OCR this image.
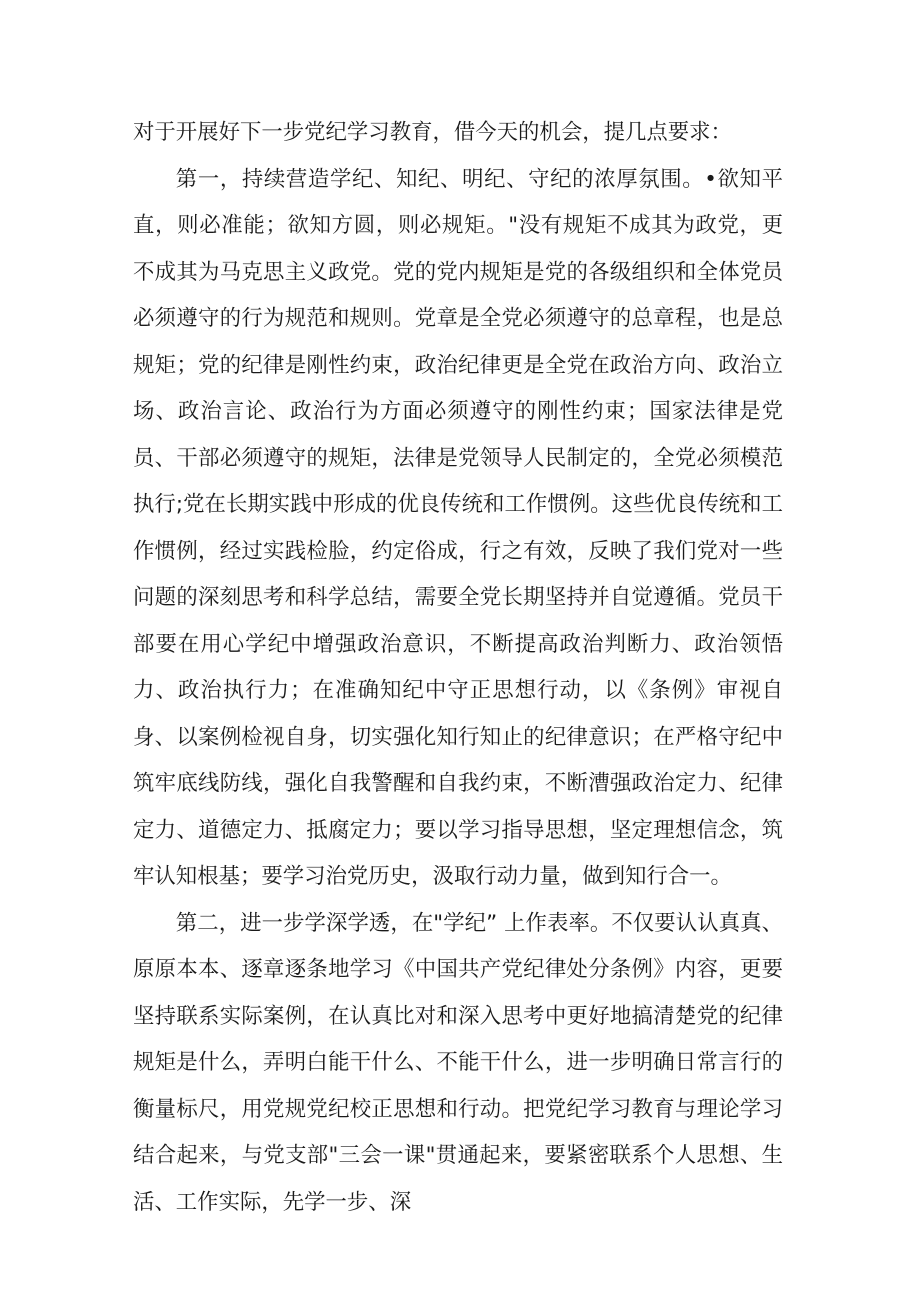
对于开展好下一步党纪学习教育，借今天的机会，提几点要求：

第一，持续营造学纪、知纪、明纪、守纪的浓厚氛围。•欲知平直，则必准能；欲知方圆，则必规矩。"没有规矩不成其为政党，更不成其为马克思主义政党。党的党内规矩是党的各级组织和全体党员必须遵守的行为规范和规则。党章是全党必须遵守的总章程，也是总规矩；党的纪律是刚性约束，政治纪律更是全党在政治方向、政治立场、政治言论、政治行为方面必须遵守的刚性约束；国家法律是党员、干部必须遵守的规矩，法律是党领导人民制定的，全党必须模范执行;党在长期实践中形成的优良传统和工作惯例。这些优良传统和工作惯例，经过实践检脸，约定俗成，行之有效，反映了我们党对一些问题的深刻思考和科学总结，需要全党长期坚持并自觉遵循。党员干部要在用心学纪中增强政治意识，不断提高政治判断力、政治领悟力、政治执行力；在准确知纪中守正思想行动，以《条例》审视自身、以案例检视自身，切实强化知行知止的纪律意识；在严格守纪中筑牢底线防线，强化自我警醒和自我约束，不断漕强政治定力、纪律定力、道德定力、抵腐定力；要以学习指导思想，坚定理想信念，筑牢认知根基；要学习治党历史，汲取行动力量，做到知行合一。

第二，进一步学深学透，在"学纪” 上作表率。不仅要认认真真、原原本本、逐章逐条地学习《中国共产党纪律处分条例》内容，更要坚持联系实际案例，在认真比对和深入思考中更好地搞清楚党的纪律规矩是什么，弄明白能干什么、不能干什么，进一步明确日常言行的衡量标尺，用党规党纪校正思想和行动。把党纪学习教育与理论学习结合起来，与党支部"三会一课"贯通起来，要紧密联系个人思想、生活、工作实际，先学一步、深
